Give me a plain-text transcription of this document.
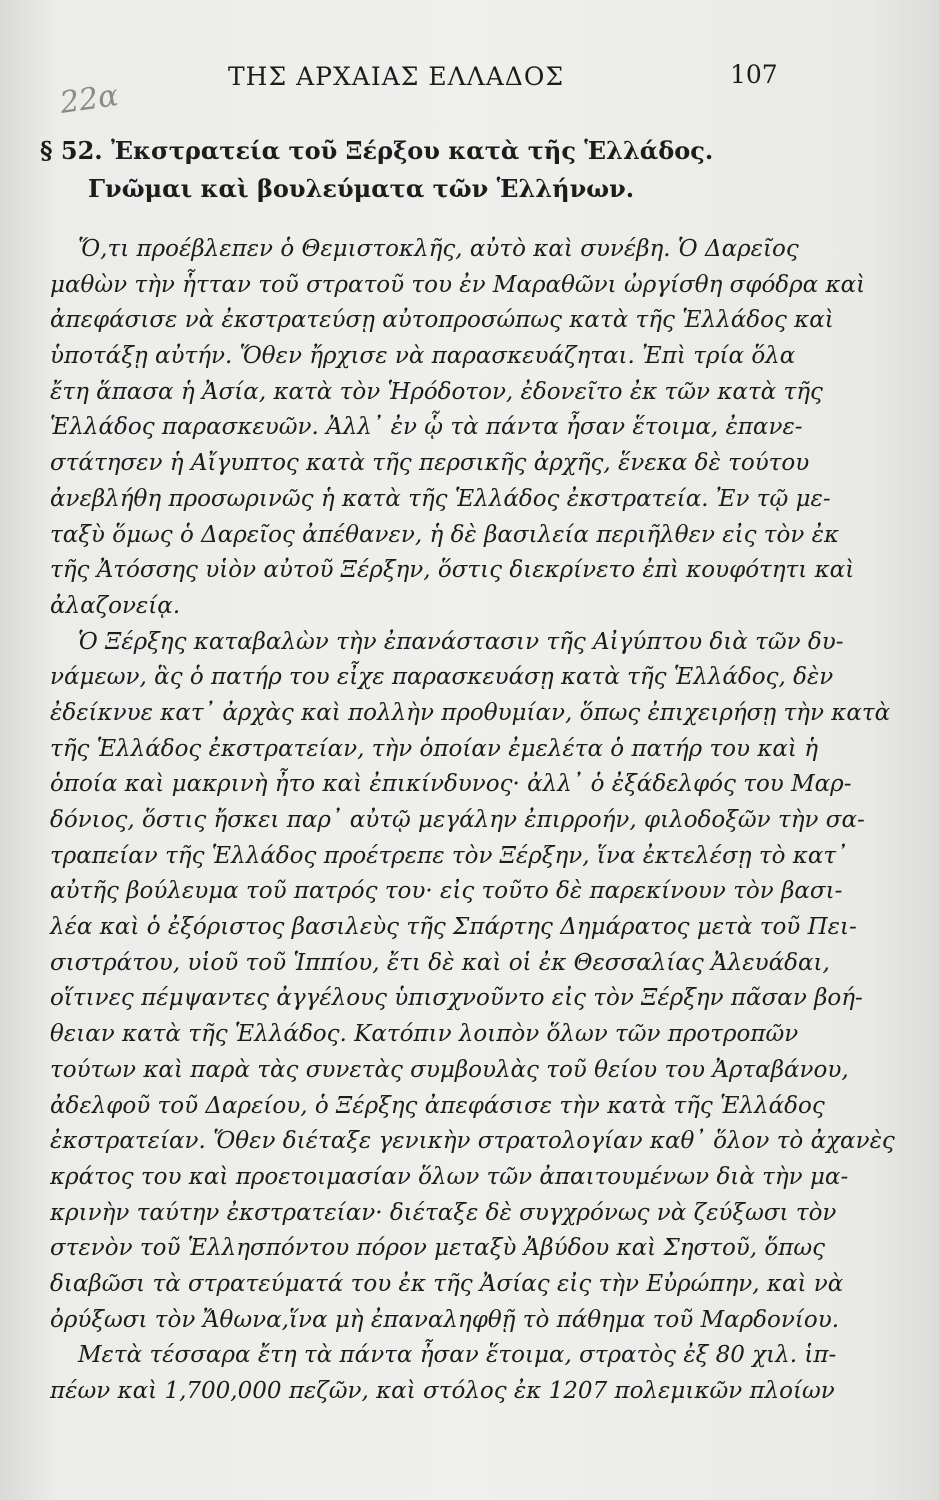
22α
ΤΗΣ ΑΡΧΑΙΑΣ ΕΛΛΑΔΟΣ	107
§ 52. Ἐκστρατεία τοῦ Ξέρξου κατὰ τῆς Ἑλλάδος.
Γνῶμαι καὶ βουλεύματα τῶν Ἑλλήνων.
Ὅ,τι προέβλεπεν ὁ Θεμιστοκλῆς, αὐτὸ καὶ συνέβη. Ὁ Δαρεῖος
μαθὼν τὴν ἧτταν τοῦ στρατοῦ του ἐν Μαραθῶνι ὠργίσθη σφόδρα καὶ
ἀπεφάσισε νὰ ἐκστρατεύσῃ αὐτοπροσώπως κατὰ τῆς Ἑλλάδος καὶ
ὑποτάξῃ αὐτήν. Ὅθεν ἤρχισε νὰ παρασκευάζηται. Ἐπὶ τρία ὅλα
ἔτη ἅπασα ἡ Ἀσία, κατὰ τὸν Ἡρόδοτον, ἐδονεῖτο ἐκ τῶν κατὰ τῆς
Ἑλλάδος παρασκευῶν. Ἀλλ᾽ ἐν ᾧ τὰ πάντα ἦσαν ἕτοιμα, ἐπανε-
στάτησεν ἡ Αἴγυπτος κατὰ τῆς περσικῆς ἀρχῆς, ἕνεκα δὲ τούτου
ἀνεβλήθη προσωρινῶς ἡ κατὰ τῆς Ἑλλάδος ἐκστρατεία. Ἐν τῷ με-
ταξὺ ὅμως ὁ Δαρεῖος ἀπέθανεν, ἡ δὲ βασιλεία περιῆλθεν εἰς τὸν ἐκ
τῆς Ἀτόσσης υἱὸν αὐτοῦ Ξέρξην, ὅστις διεκρίνετο ἐπὶ κουφότητι καὶ
ἀλαζονείᾳ.
Ὁ Ξέρξης καταβαλὼν τὴν ἐπανάστασιν τῆς Αἰγύπτου διὰ τῶν δυ-
νάμεων, ἃς ὁ πατήρ του εἶχε παρασκευάσῃ κατὰ τῆς Ἑλλάδος, δὲν
ἐδείκνυε κατ᾽ ἀρχὰς καὶ πολλὴν προθυμίαν, ὅπως ἐπιχειρήσῃ τὴν κατὰ
τῆς Ἑλλάδος ἐκστρατείαν, τὴν ὁποίαν ἐμελέτα ὁ πατήρ του καὶ ἡ
ὁποία καὶ μακρινὴ ἦτο καὶ ἐπικίνδυνος· ἀλλ᾽ ὁ ἐξάδελφός του Μαρ-
δόνιος, ὅστις ἤσκει παρ᾽ αὐτῷ μεγάλην ἐπιρροήν, φιλοδοξῶν τὴν σα-
τραπείαν τῆς Ἑλλάδος προέτρεπε τὸν Ξέρξην, ἵνα ἐκτελέσῃ τὸ κατ᾽
αὐτῆς βούλευμα τοῦ πατρός του· εἰς τοῦτο δὲ παρεκίνουν τὸν βασι-
λέα καὶ ὁ ἐξόριστος βασιλεὺς τῆς Σπάρτης Δημάρατος μετὰ τοῦ Πει-
σιστράτου, υἱοῦ τοῦ Ἱππίου, ἔτι δὲ καὶ οἱ ἐκ Θεσσαλίας Ἀλευάδαι,
οἵτινες πέμψαντες ἀγγέλους ὑπισχνοῦντο εἰς τὸν Ξέρξην πᾶσαν βοή-
θειαν κατὰ τῆς Ἑλλάδος. Κατόπιν λοιπὸν ὅλων τῶν προτροπῶν
τούτων καὶ παρὰ τὰς συνετὰς συμβουλὰς τοῦ θείου του Ἀρταβάνου,
ἀδελφοῦ τοῦ Δαρείου, ὁ Ξέρξης ἀπεφάσισε τὴν κατὰ τῆς Ἑλλάδος
ἐκστρατείαν. Ὅθεν διέταξε γενικὴν στρατολογίαν καθ᾽ ὅλον τὸ ἀχανὲς
κράτος του καὶ προετοιμασίαν ὅλων τῶν ἀπαιτουμένων διὰ τὴν μα-
κρινὴν ταύτην ἐκστρατείαν· διέταξε δὲ συγχρόνως νὰ ζεύξωσι τὸν
στενὸν τοῦ Ἑλλησπόντου πόρον μεταξὺ Ἀβύδου καὶ Σηστοῦ, ὅπως
διαβῶσι τὰ στρατεύματά του ἐκ τῆς Ἀσίας εἰς τὴν Εὐρώπην, καὶ νὰ
ὀρύξωσι τὸν Ἄθωνα,ἵνα μὴ ἐπαναληφθῇ τὸ πάθημα τοῦ Μαρδονίου.
Μετὰ τέσσαρα ἔτη τὰ πάντα ἦσαν ἕτοιμα, στρατὸς ἐξ 80 χιλ. ἱπ-
πέων καὶ 1,700,000 πεζῶν, καὶ στόλος ἐκ 1207 πολεμικῶν πλοίων
